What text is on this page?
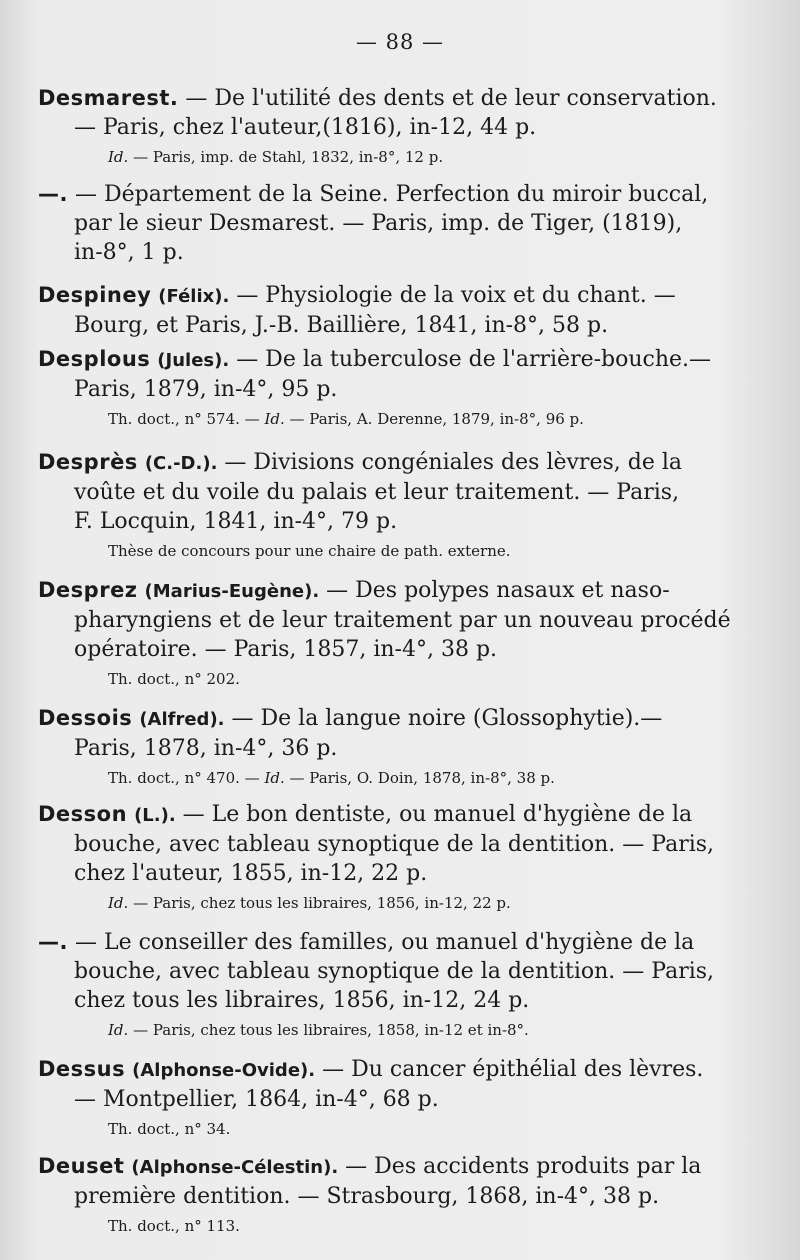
— 88 —
Desmarest. — De l'utilité des dents et de leur conservation.
— Paris, chez l'auteur,(1816), in-12, 44 p.
Id. — Paris, imp. de Stahl, 1832, in-8°, 12 p.
—. — Département de la Seine. Perfection du miroir buccal,
par le sieur Desmarest. — Paris, imp. de Tiger, (1819),
in-8°, 1 p.
Despiney (Félix). — Physiologie de la voix et du chant. —
Bourg, et Paris, J.-B. Baillière, 1841, in-8°, 58 p.
Desplous (Jules). — De la tuberculose de l'arrière-bouche.—
Paris, 1879, in-4°, 95 p.
Th. doct., n° 574. — Id. — Paris, A. Derenne, 1879, in-8°, 96 p.
Desprès (C.-D.). — Divisions congéniales des lèvres, de la
voûte et du voile du palais et leur traitement. — Paris,
F. Locquin, 1841, in-4°, 79 p.
Thèse de concours pour une chaire de path. externe.
Desprez (Marius-Eugène). — Des polypes nasaux et naso-
pharyngiens et de leur traitement par un nouveau procédé
opératoire. — Paris, 1857, in-4°, 38 p.
Th. doct., n° 202.
Dessois (Alfred). — De la langue noire (Glossophytie).—
Paris, 1878, in-4°, 36 p.
Th. doct., n° 470. — Id. — Paris, O. Doin, 1878, in-8°, 38 p.
Desson (L.). — Le bon dentiste, ou manuel d'hygiène de la
bouche, avec tableau synoptique de la dentition. — Paris,
chez l'auteur, 1855, in-12, 22 p.
Id. — Paris, chez tous les libraires, 1856, in-12, 22 p.
—. — Le conseiller des familles, ou manuel d'hygiène de la
bouche, avec tableau synoptique de la dentition. — Paris,
chez tous les libraires, 1856, in-12, 24 p.
Id. — Paris, chez tous les libraires, 1858, in-12 et in-8°.
Dessus (Alphonse-Ovide). — Du cancer épithélial des lèvres.
— Montpellier, 1864, in-4°, 68 p.
Th. doct., n° 34.
Deuset (Alphonse-Célestin). — Des accidents produits par la
première dentition. — Strasbourg, 1868, in-4°, 38 p.
Th. doct., n° 113.
